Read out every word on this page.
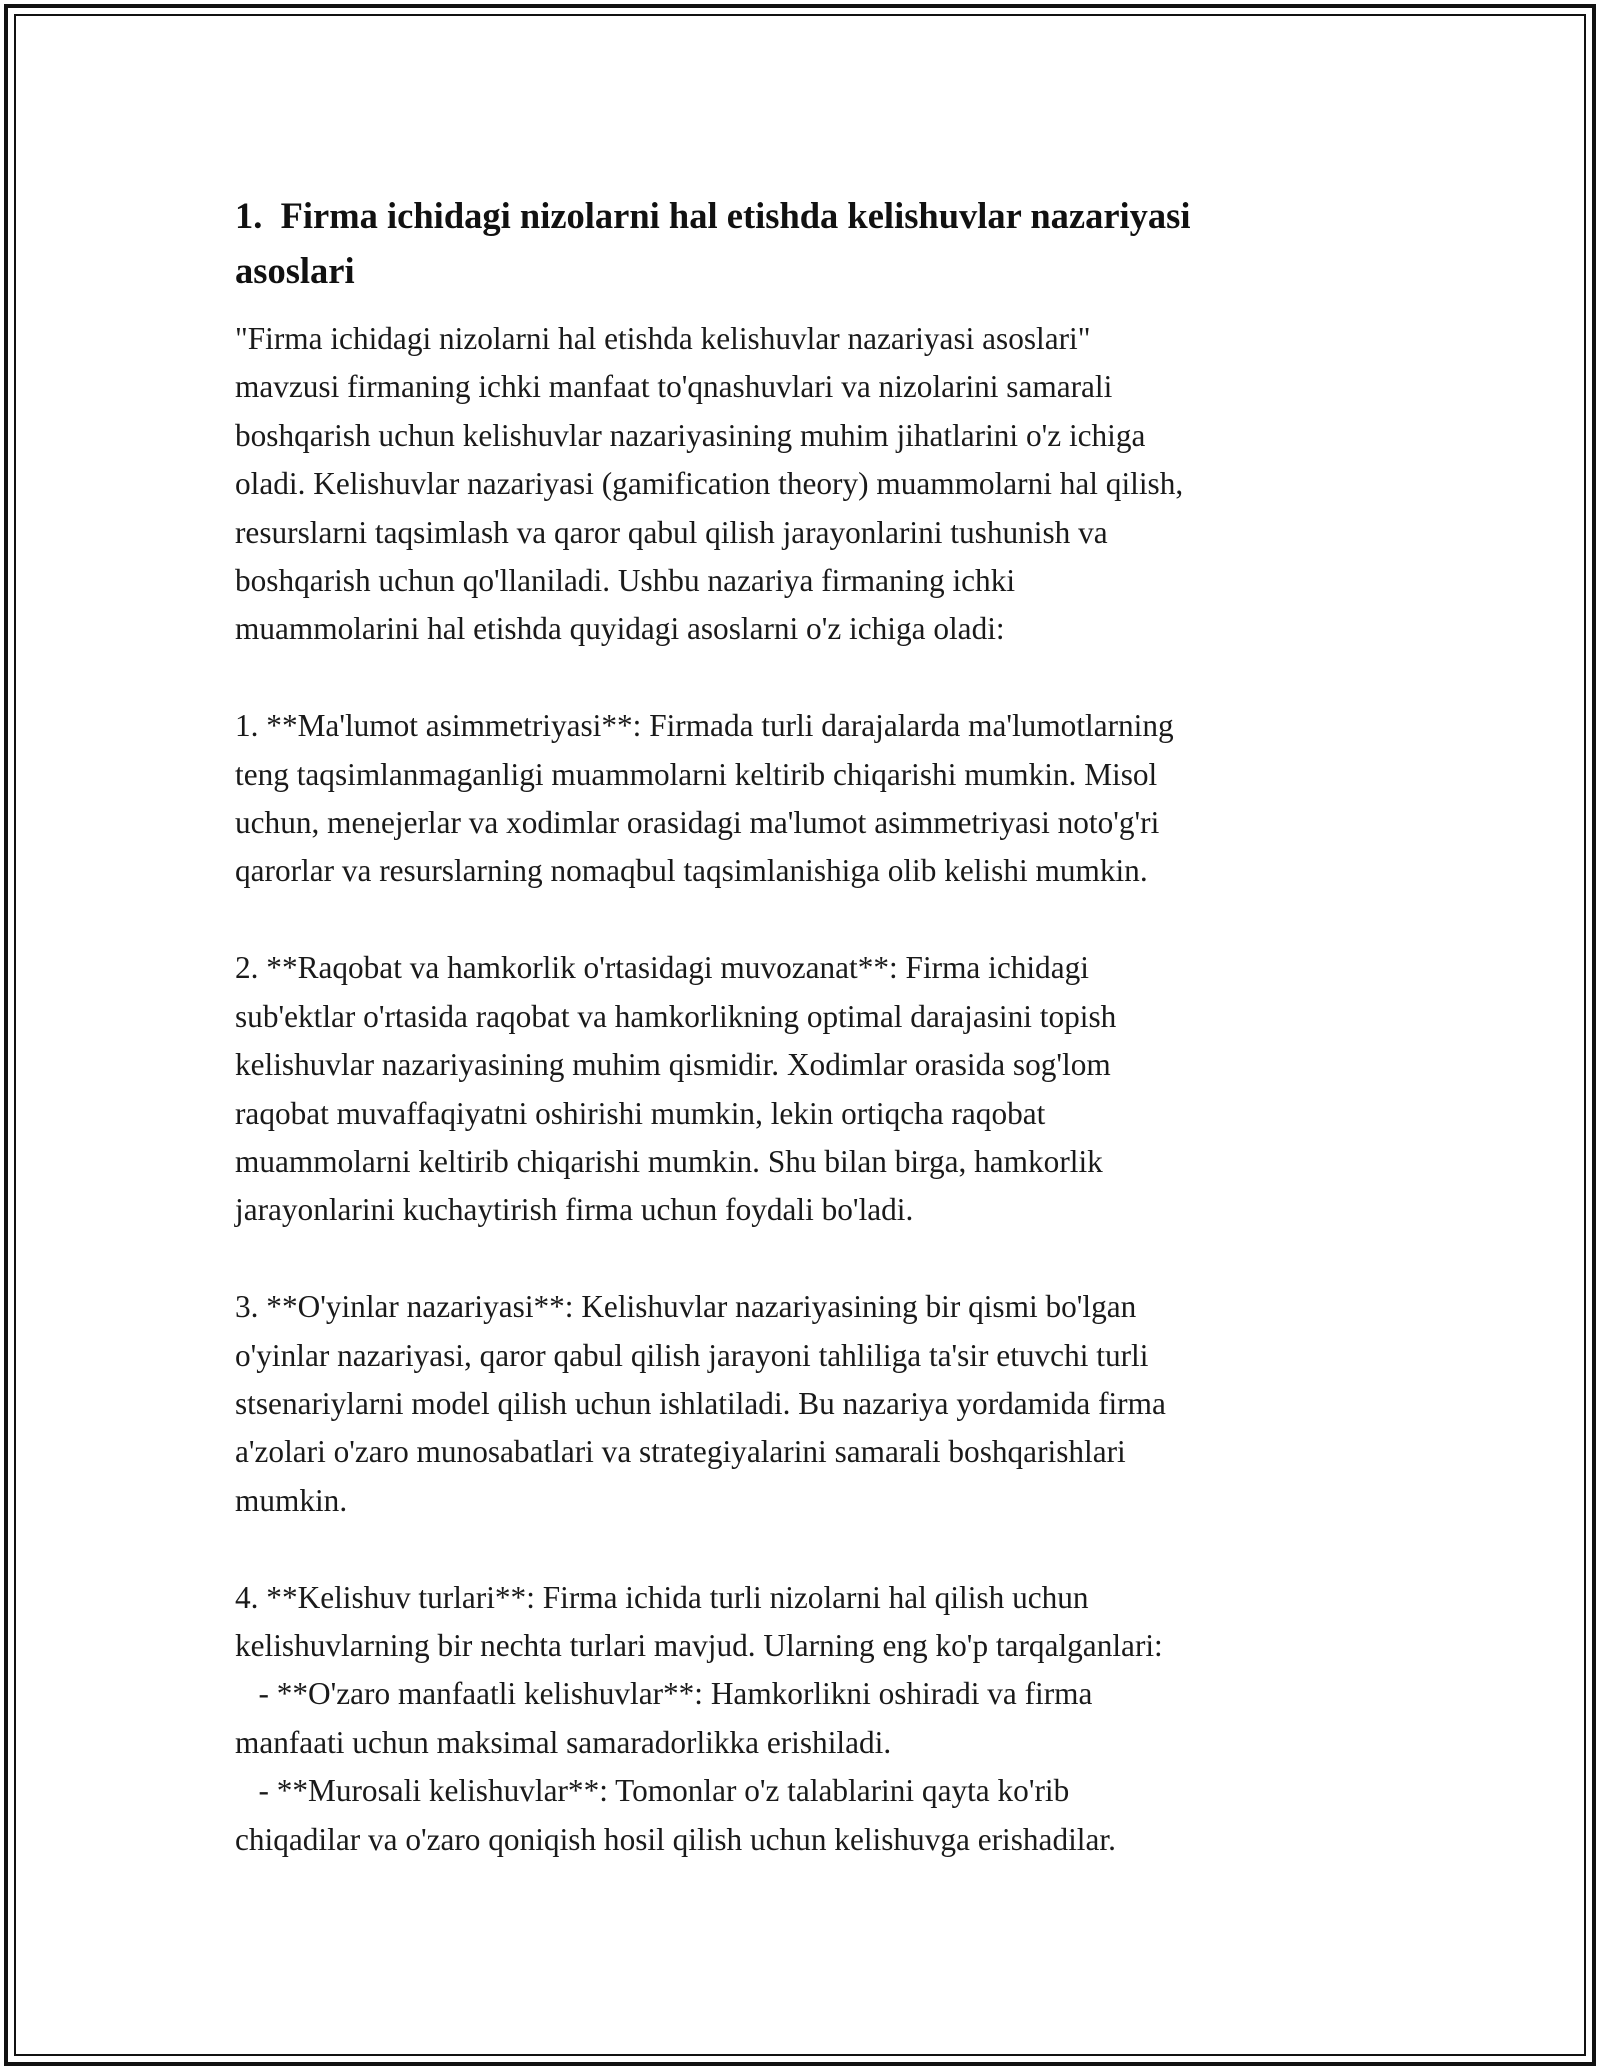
1.  Firma ichidagi nizolarni hal etishda kelishuvlar nazariyasi
asoslari

"Firma ichidagi nizolarni hal etishda kelishuvlar nazariyasi asoslari"
mavzusi firmaning ichki manfaat to'qnashuvlari va nizolarini samarali
boshqarish uchun kelishuvlar nazariyasining muhim jihatlarini o'z ichiga
oladi. Kelishuvlar nazariyasi (gamification theory) muammolarni hal qilish,
resurslarni taqsimlash va qaror qabul qilish jarayonlarini tushunish va
boshqarish uchun qo'llaniladi. Ushbu nazariya firmaning ichki
muammolarini hal etishda quyidagi asoslarni o'z ichiga oladi:

1. **Ma'lumot asimmetriyasi**: Firmada turli darajalarda ma'lumotlarning
teng taqsimlanmaganligi muammolarni keltirib chiqarishi mumkin. Misol
uchun, menejerlar va xodimlar orasidagi ma'lumot asimmetriyasi noto'g'ri
qarorlar va resurslarning nomaqbul taqsimlanishiga olib kelishi mumkin.

2. **Raqobat va hamkorlik o'rtasidagi muvozanat**: Firma ichidagi
sub'ektlar o'rtasida raqobat va hamkorlikning optimal darajasini topish
kelishuvlar nazariyasining muhim qismidir. Xodimlar orasida sog'lom
raqobat muvaffaqiyatni oshirishi mumkin, lekin ortiqcha raqobat
muammolarni keltirib chiqarishi mumkin. Shu bilan birga, hamkorlik
jarayonlarini kuchaytirish firma uchun foydali bo'ladi.

3. **O'yinlar nazariyasi**: Kelishuvlar nazariyasining bir qismi bo'lgan
o'yinlar nazariyasi, qaror qabul qilish jarayoni tahliliga ta'sir etuvchi turli
stsenariylarni model qilish uchun ishlatiladi. Bu nazariya yordamida firma
a'zolari o'zaro munosabatlari va strategiyalarini samarali boshqarishlari
mumkin.

4. **Kelishuv turlari**: Firma ichida turli nizolarni hal qilish uchun
kelishuvlarning bir nechta turlari mavjud. Ularning eng ko'p tarqalganlari:
- **O'zaro manfaatli kelishuvlar**: Hamkorlikni oshiradi va firma
manfaati uchun maksimal samaradorlikka erishiladi.
- **Murosali kelishuvlar**: Tomonlar o'z talablarini qayta ko'rib
chiqadilar va o'zaro qoniqish hosil qilish uchun kelishuvga erishadilar.
